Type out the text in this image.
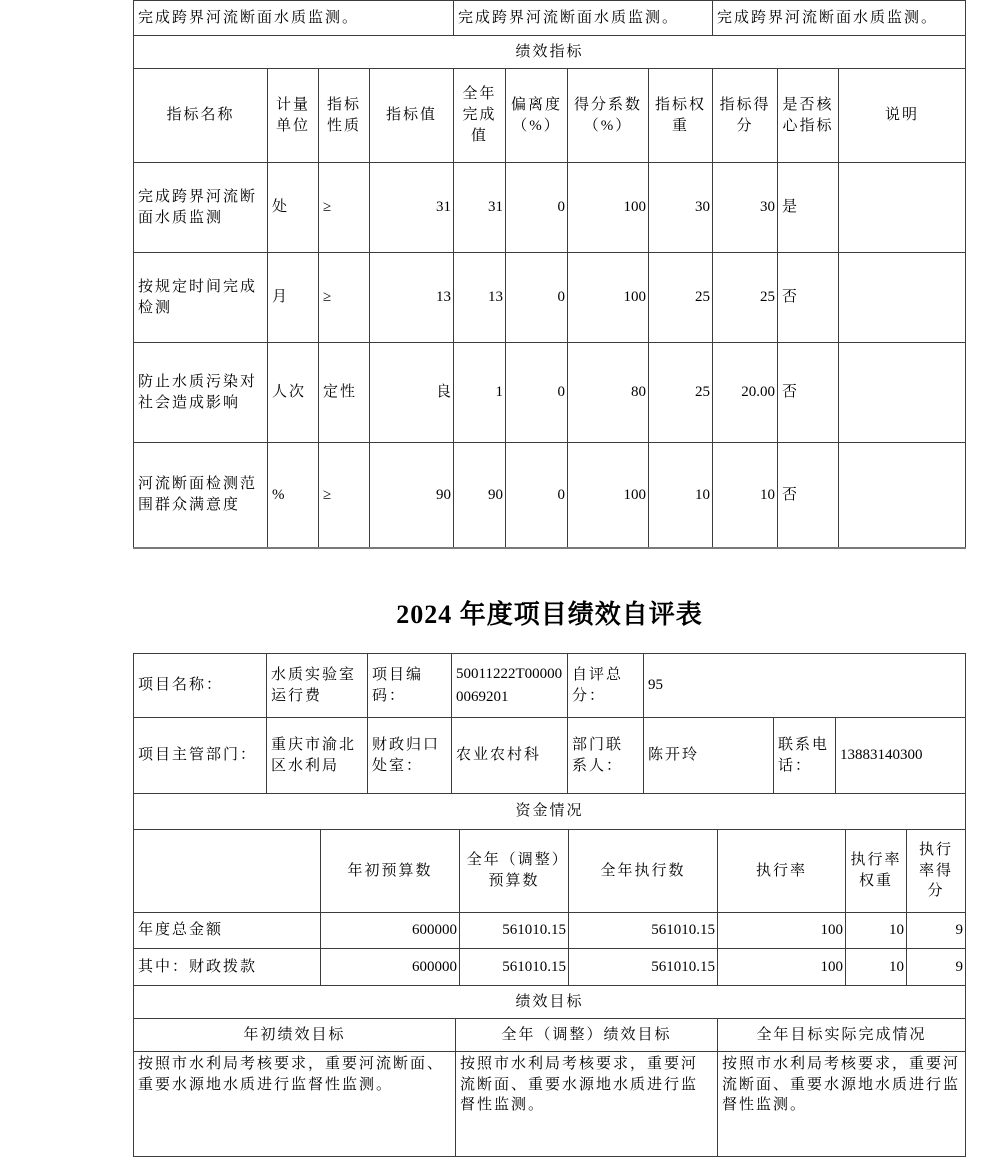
完成跨界河流断面水质监测。				完成跨界河流断面水质监测。				完成跨界河流断面水质监测。		
绩效指标										
指标名称	计量单位	指标性质	指标值	全年完成值	偏离度（%）	得分系数（%）	指标权重	指标得分	是否核心指标	说明
完成跨界河流断面水质监测	处	≥	31	31	0	100	30	30	是	
按规定时间完成检测	月	≥	13	13	0	100	25	25	否	
防止水质污染对社会造成影响	人次	定性	良	1	0	80	25	20.00	否	
河流断面检测范围群众满意度	%	≥	90	90	0	100	10	10	否	
2024 年度项目绩效自评表
项目名称：	水质实验室运行费	项目编码：	50011222T000000069201	自评总分：	95		
项目主管部门：	重庆市渝北区水利局	财政归口处室：	农业农村科	部门联系人：	陈开玲	联系电话：	13883140300
资金情况						
	年初预算数	全年（调整）预算数	全年执行数	执行率	执行率权重	执行率得分
年度总金额	600000	561010.15	561010.15	100	10	9
其中：财政拨款	600000	561010.15	561010.15	100	10	9
绩效目标		
年初绩效目标	全年（调整）绩效目标	全年目标实际完成情况
按照市水利局考核要求，重要河流断面、重要水源地水质进行监督性监测。	按照市水利局考核要求，重要河流断面、重要水源地水质进行监督性监测。	按照市水利局考核要求，重要河流断面、重要水源地水质进行监督性监测。
